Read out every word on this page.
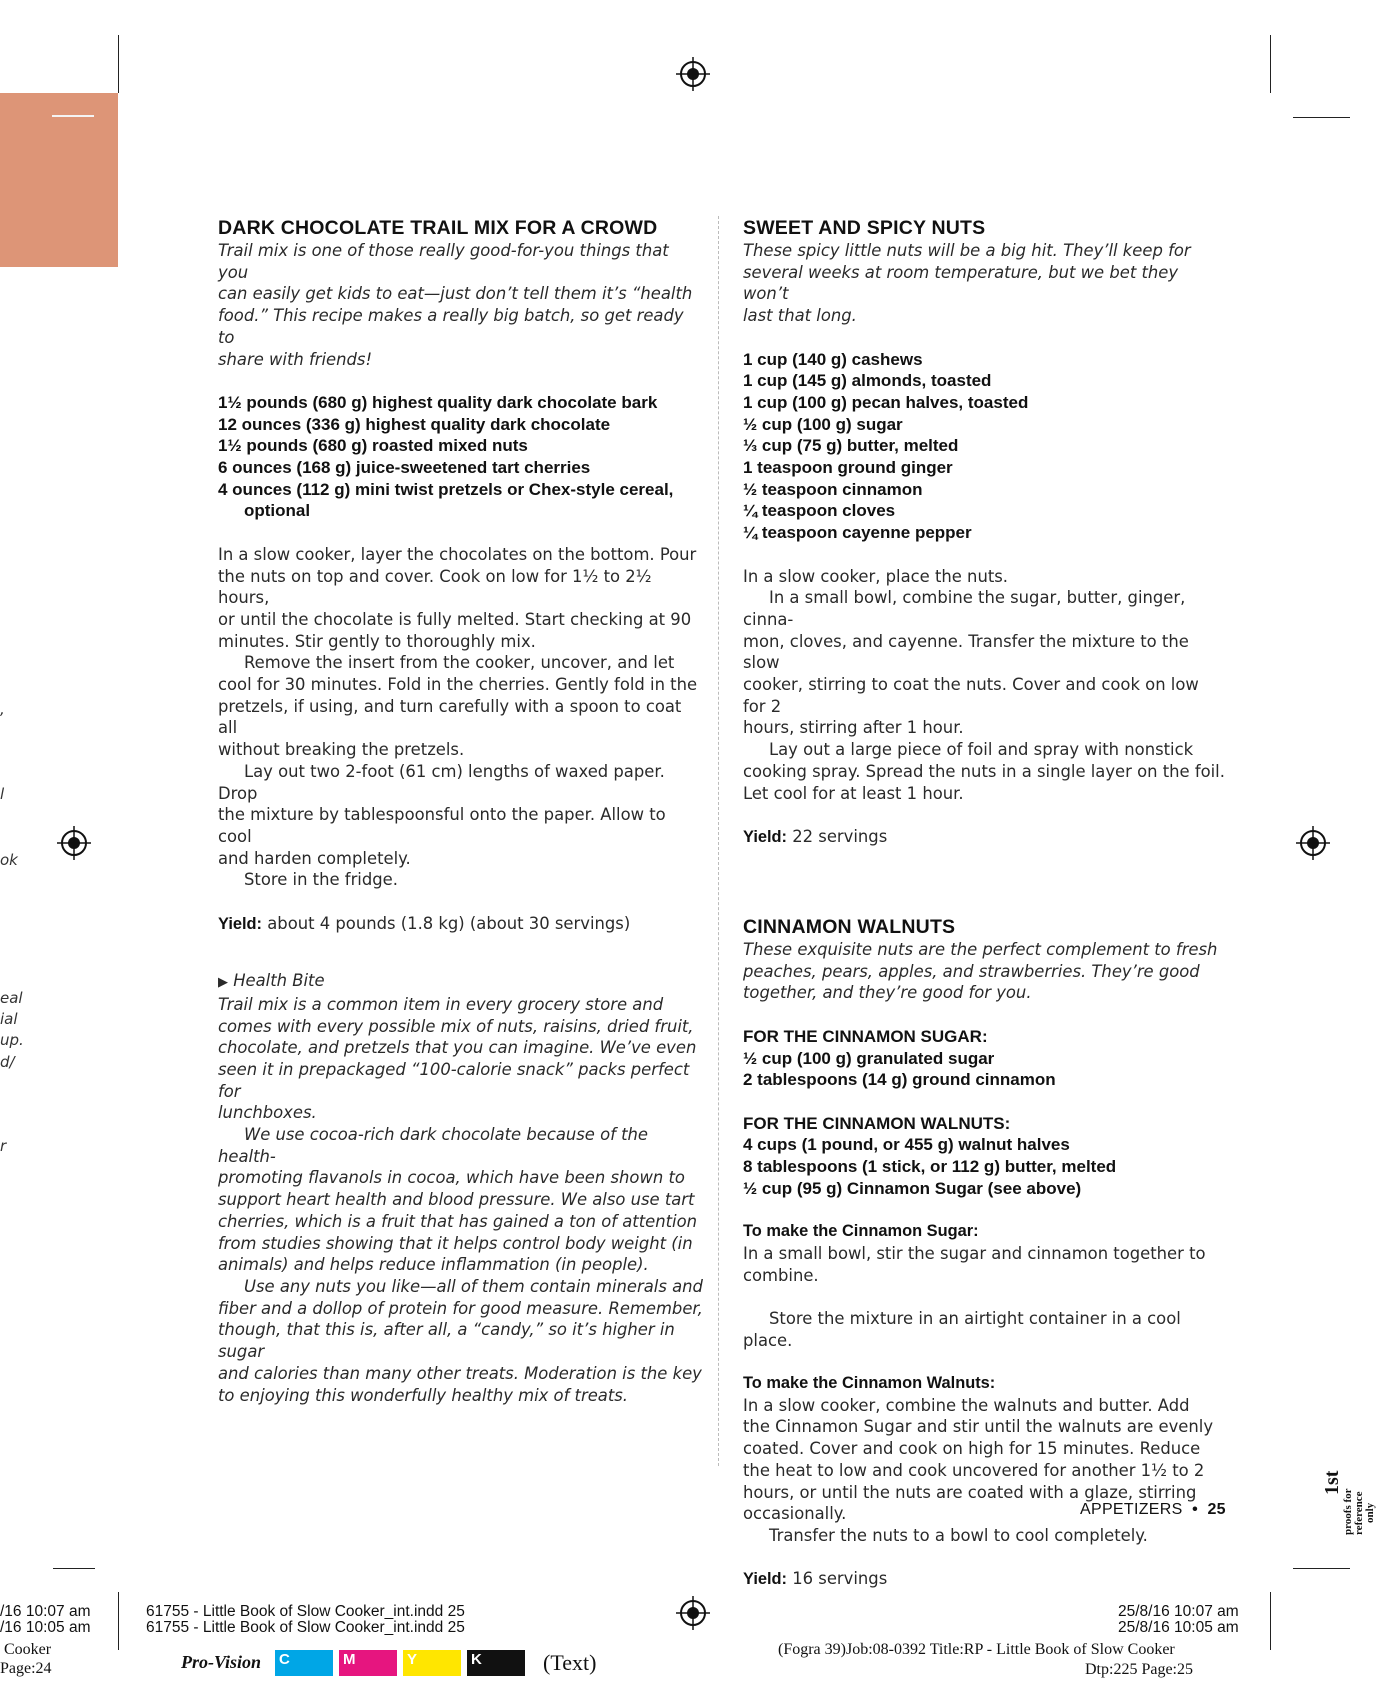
,
l
ok
eal
ial
up.
d/
r

DARK CHOCOLATE TRAIL MIX FOR A CROWD

Trail mix is one of those really good-for-you things that you

can easily get kids to eat—just don’t tell them it’s “health

food.” This recipe makes a really big batch, so get ready to

share with friends!

1½ pounds (680 g) highest quality dark chocolate bark

12 ounces (336 g) highest quality dark chocolate

1½ pounds (680 g) roasted mixed nuts

6 ounces (168 g) juice-sweetened tart cherries

4 ounces (112 g) mini twist pretzels or Chex-style cereal,

optional

In a slow cooker, layer the chocolates on the bottom. Pour

the nuts on top and cover. Cook on low for 1½ to 2½ hours,

or until the chocolate is fully melted. Start checking at 90

minutes. Stir gently to thoroughly mix.

Remove the insert from the cooker, uncover, and let

cool for 30 minutes. Fold in the cherries. Gently fold in the

pretzels, if using, and turn carefully with a spoon to coat all

without breaking the pretzels.

Lay out two 2-foot (61 cm) lengths of waxed paper. Drop

the mixture by tablespoonsful onto the paper. Allow to cool

and harden completely.

Store in the fridge.

Yield: about 4 pounds (1.8 kg) (about 30 servings)

▶ Health Bite

Trail mix is a common item in every grocery store and

comes with every possible mix of nuts, raisins, dried fruit,

chocolate, and pretzels that you can imagine. We’ve even

seen it in prepackaged “100-calorie snack” packs perfect for

lunchboxes.

We use cocoa-rich dark chocolate because of the health-

promoting flavanols in cocoa, which have been shown to

support heart health and blood pressure. We also use tart

cherries, which is a fruit that has gained a ton of attention

from studies showing that it helps control body weight (in

animals) and helps reduce inflammation (in people).

Use any nuts you like—all of them contain minerals and

fiber and a dollop of protein for good measure. Remember,

though, that this is, after all, a “candy,” so it’s higher in sugar

and calories than many other treats. Moderation is the key

to enjoying this wonderfully healthy mix of treats.

SWEET AND SPICY NUTS

These spicy little nuts will be a big hit. They’ll keep for

several weeks at room temperature, but we bet they won’t

last that long.

1 cup (140 g) cashews

1 cup (145 g) almonds, toasted

1 cup (100 g) pecan halves, toasted

½ cup (100 g) sugar

⅓ cup (75 g) butter, melted

1 teaspoon ground ginger

½ teaspoon cinnamon

¼ teaspoon cloves

¼ teaspoon cayenne pepper

In a slow cooker, place the nuts.

In a small bowl, combine the sugar, butter, ginger, cinna-

mon, cloves, and cayenne. Transfer the mixture to the slow

cooker, stirring to coat the nuts. Cover and cook on low for 2

hours, stirring after 1 hour.

Lay out a large piece of foil and spray with nonstick

cooking spray. Spread the nuts in a single layer on the foil.

Let cool for at least 1 hour.

Yield: 22 servings

CINNAMON WALNUTS

These exquisite nuts are the perfect complement to fresh

peaches, pears, apples, and strawberries. They’re good

together, and they’re good for you.

FOR THE CINNAMON SUGAR:

½ cup (100 g) granulated sugar

2 tablespoons (14 g) ground cinnamon

FOR THE CINNAMON WALNUTS:

4 cups (1 pound, or 455 g) walnut halves

8 tablespoons (1 stick, or 112 g) butter, melted

½ cup (95 g) Cinnamon Sugar (see above)

To make the Cinnamon Sugar:

In a small bowl, stir the sugar and cinnamon together to

combine.

Store the mixture in an airtight container in a cool place.

To make the Cinnamon Walnuts:

In a slow cooker, combine the walnuts and butter. Add

the Cinnamon Sugar and stir until the walnuts are evenly

coated. Cover and cook on high for 15 minutes. Reduce

the heat to low and cook uncovered for another 1½ to 2

hours, or until the nuts are coated with a glaze, stirring

occasionally.

Transfer the nuts to a bowl to cool completely.

Yield: 16 servings

APPETIZERS • 25
1st
proofs for reference only
/16 10:07 am
/16 10:05 am
61755 - Little Book of Slow Cooker_int.indd 25
61755 - Little Book of Slow Cooker_int.indd 25
25/8/16 10:07 am
25/8/16 10:05 am
Cooker
Page:24	Pro-Vision C	M	Y	K	(Text)
(Fogra 39)Job:08-0392 Title:RP - Little Book of Slow Cooker
Dtp:225 Page:25
